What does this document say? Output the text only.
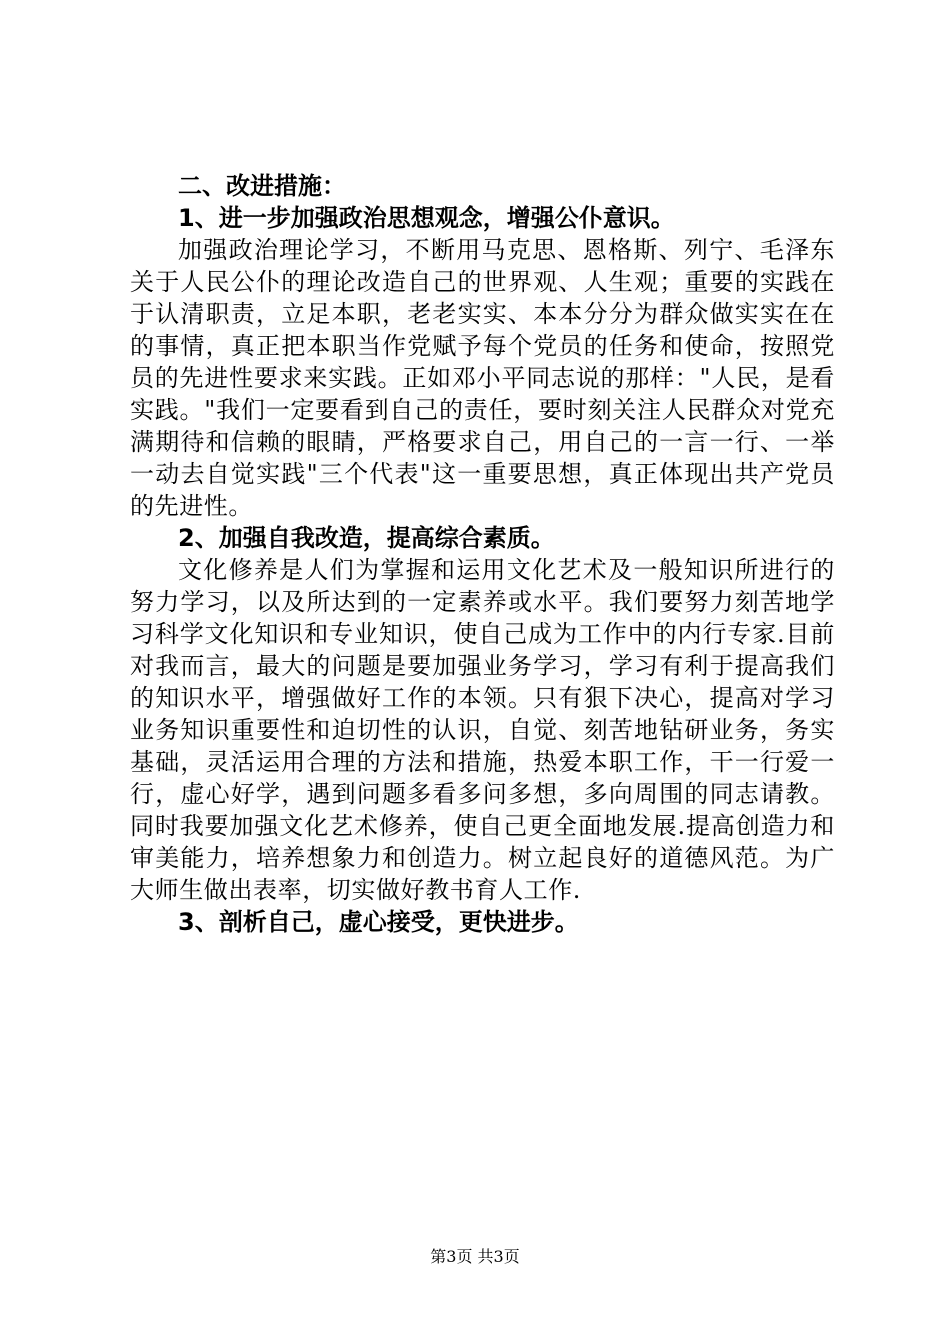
二、改进措施：

1、进一步加强政治思想观念，增强公仆意识。

加强政治理论学习，不断用马克思、恩格斯、列宁、毛泽东关于人民公仆的理论改造自己的世界观、人生观；重要的实践在于认清职责，立足本职，老老实实、本本分分为群众做实实在在的事情，真正把本职当作党赋予每个党员的任务和使命，按照党员的先进性要求来实践。正如邓小平同志说的那样："人民，是看实践。"我们一定要看到自己的责任，要时刻关注人民群众对党充满期待和信赖的眼睛，严格要求自己，用自己的一言一行、一举一动去自觉实践"三个代表"这一重要思想，真正体现出共产党员的先进性。

2、加强自我改造，提高综合素质。

文化修养是人们为掌握和运用文化艺术及一般知识所进行的努力学习，以及所达到的一定素养或水平。我们要努力刻苦地学习科学文化知识和专业知识，使自己成为工作中的内行专家.目前对我而言，最大的问题是要加强业务学习，学习有利于提高我们的知识水平，增强做好工作的本领。只有狠下决心，提高对学习业务知识重要性和迫切性的认识，自觉、刻苦地钻研业务，务实基础，灵活运用合理的方法和措施，热爱本职工作，干一行爱一行，虚心好学，遇到问题多看多问多想，多向周围的同志请教。同时我要加强文化艺术修养，使自己更全面地发展.提高创造力和审美能力，培养想象力和创造力。树立起良好的道德风范。为广大师生做出表率，切实做好教书育人工作.

3、剖析自己，虚心接受，更快进步。

第3页 共3页
